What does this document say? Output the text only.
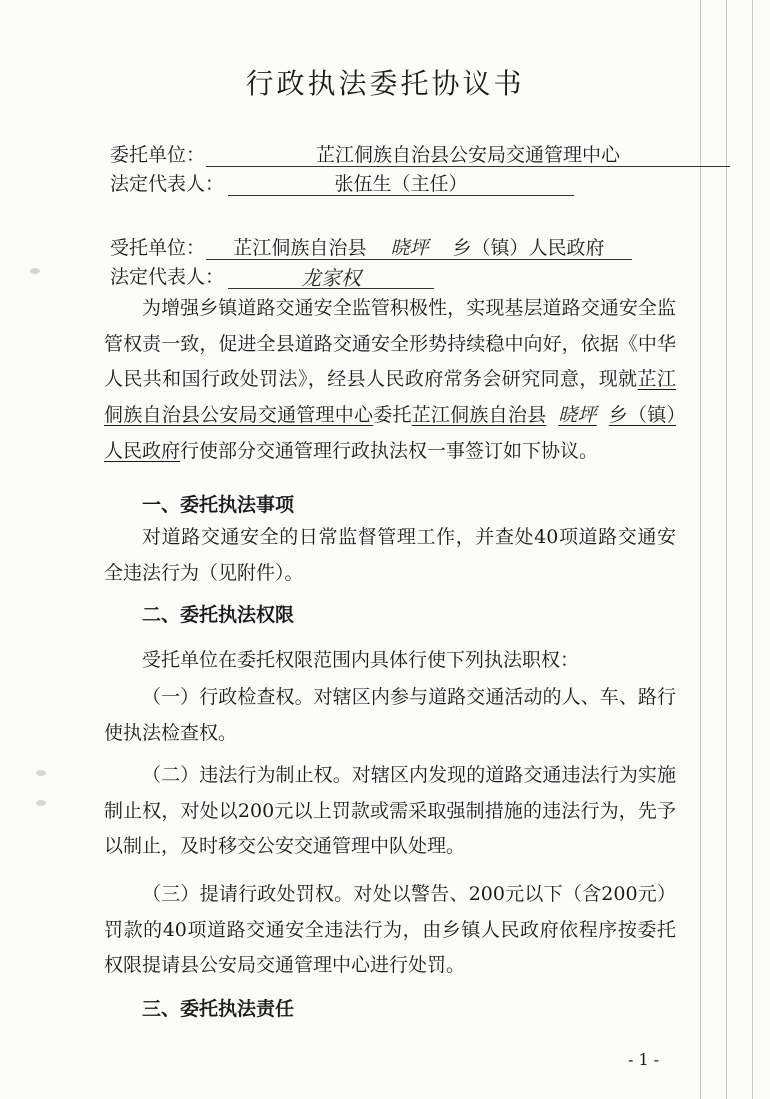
行政执法委托协议书
委托单位：	芷江侗族自治县公安局交通管理中心
法定代表人：	张伍生（主任）
受托单位：	芷江侗族自治县 晓坪 乡（镇）人民政府
法定代表人：	龙家权
为增强乡镇道路交通安全监管积极性，实现基层道路交通安全监管权责一致，促进全县道路交通安全形势持续稳中向好，依据《中华人民共和国行政处罚法》，经县人民政府常务会研究同意，现就芷江侗族自治县公安局交通管理中心委托芷江侗族自治县 晓坪 乡（镇）人民政府行使部分交通管理行政执法权一事签订如下协议。
一、委托执法事项
对道路交通安全的日常监督管理工作，并查处40项道路交通安全违法行为（见附件）。
二、委托执法权限
受托单位在委托权限范围内具体行使下列执法职权：
（一）行政检查权。对辖区内参与道路交通活动的人、车、路行使执法检查权。
（二）违法行为制止权。对辖区内发现的道路交通违法行为实施制止权，对处以200元以上罚款或需采取强制措施的违法行为，先予以制止，及时移交公安交通管理中队处理。
（三）提请行政处罚权。对处以警告、200元以下（含200元）罚款的40项道路交通安全违法行为，由乡镇人民政府依程序按委托权限提请县公安局交通管理中心进行处罚。
三、委托执法责任
- 1 -
